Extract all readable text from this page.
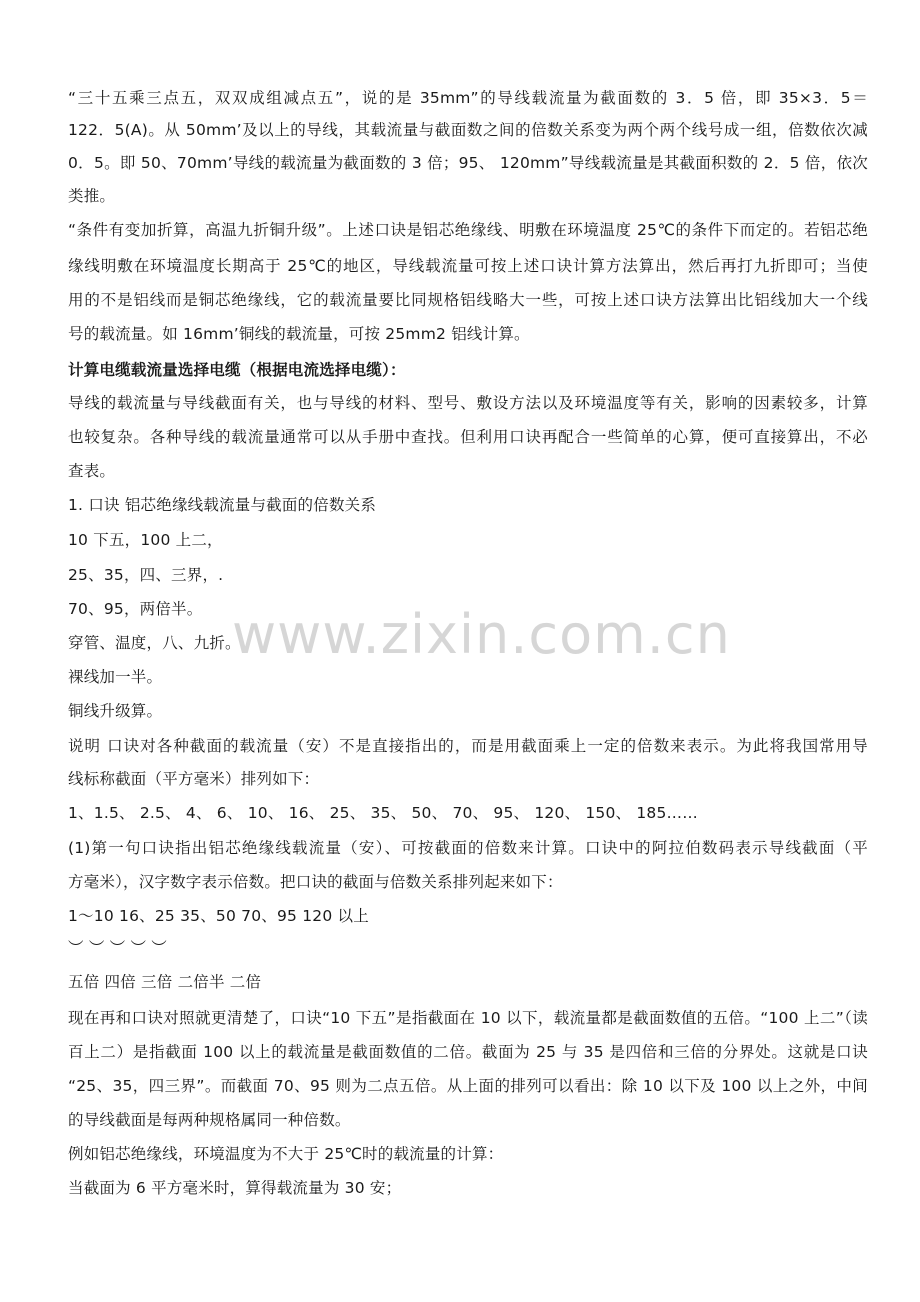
www.zixin.com.cn

“三十五乘三点五，双双成组减点五”，说的是 35mm”的导线载流量为截面数的 3．5 倍，即 35×3．5＝

122．5(A)。从 50mm’及以上的导线，其载流量与截面数之间的倍数关系变为两个两个线号成一组，倍数依次减

0．5。即 50、70mm’导线的载流量为截面数的 3 倍；95、 120mm”导线载流量是其截面积数的 2．5 倍，依次

类推。

“条件有变加折算，高温九折铜升级”。上述口诀是铝芯绝缘线、明敷在环境温度 25℃的条件下而定的。若铝芯绝

缘线明敷在环境温度长期高于 25℃的地区，导线载流量可按上述口诀计算方法算出，然后再打九折即可；当使

用的不是铝线而是铜芯绝缘线，它的载流量要比同规格铝线略大一些，可按上述口诀方法算出比铝线加大一个线

号的载流量。如 16mm’铜线的载流量，可按 25mm2 铝线计算。

计算电缆载流量选择电缆（根据电流选择电缆）：

导线的载流量与导线截面有关，也与导线的材料、型号、敷设方法以及环境温度等有关，影响的因素较多，计算

也较复杂。各种导线的载流量通常可以从手册中查找。但利用口诀再配合一些简单的心算，便可直接算出，不必

查表。

1. 口诀 铝芯绝缘线载流量与截面的倍数关系

10 下五，100 上二，

25、35，四、三界，.

70、95，两倍半。

穿管、温度，八、九折。

裸线加一半。

铜线升级算。

说明 口诀对各种截面的载流量（安）不是直接指出的，而是用截面乘上一定的倍数来表示。为此将我国常用导

线标称截面（平方毫米）排列如下：

1、1.5、 2.5、 4、 6、 10、 16、 25、 35、 50、 70、 95、 120、 150、 185……

(1)第一句口诀指出铝芯绝缘线载流量（安）、可按截面的倍数来计算。口诀中的阿拉伯数码表示导线截面（平

方毫米），汉字数字表示倍数。把口诀的截面与倍数关系排列起来如下：

1～10 16、25 35、50 70、95 120 以上

︶ ︶ ︶ ︶ ︶

五倍 四倍 三倍 二倍半 二倍

现在再和口诀对照就更清楚了，口诀“10 下五”是指截面在 10 以下，载流量都是截面数值的五倍。“100 上二”（读

百上二）是指截面 100 以上的载流量是截面数值的二倍。截面为 25 与 35 是四倍和三倍的分界处。这就是口诀

“25、35，四三界”。而截面 70、95 则为二点五倍。从上面的排列可以看出：除 10 以下及 100 以上之外，中间

的导线截面是每两种规格属同一种倍数。

例如铝芯绝缘线，环境温度为不大于 25℃时的载流量的计算：

当截面为 6 平方毫米时，算得载流量为 30 安；
